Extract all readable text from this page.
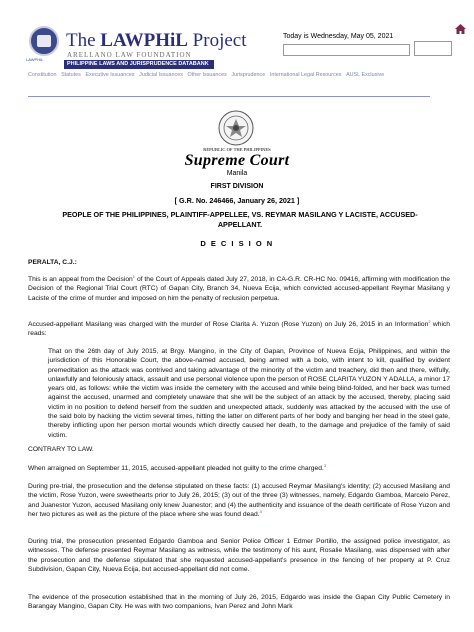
LAWPHiL
The LAWPHiL Project
ARELLANO LAW FOUNDATION
PHILIPPINE LAWS AND JURISPRUDENCE DATABANK
Today is Wednesday, May 05, 2021
Constitution Statutes Executive Issuances Judicial Issuances Other Issuances Jurisprudence International Legal Resources AUSL Exclusive
REPUBLIC OF THE PHILIPPINES
Supreme Court
Manila
FIRST DIVISION
[ G.R. No. 246466, January 26, 2021 ]
PEOPLE OF THE PHILIPPINES, PLAINTIFF-APPELLEE, VS. REYMAR MASILANG Y LACISTE, ACCUSED-APPELLANT.
D E C I S I O N
PERALTA, C.J.:
This is an appeal from the Decision$^1$ of the Court of Appeals dated July 27, 2018, in CA-G.R. CR-HC No. 09416, affirming with modification the Decision of the Regional Trial Court (RTC) of Gapan City, Branch 34, Nueva Ecija, which convicted accused-appellant Reymar Masilang y Laciste of the crime of murder and imposed on him the penalty of reclusion perpetua.
Accused-appellant Masilang was charged with the murder of Rose Clarita A. Yuzon (Rose Yuzon) on July 26, 2015 in an Information$^2$ which reads:
That on the 26th day of July 2015, at Brgy. Mangino, in the City of Gapan, Province of Nueva Ecija, Philippines, and within the jurisdiction of this Honorable Court, the above-named accused, being armed with a bolo, with intent to kill, qualified by evident premeditation as the attack was contrived and taking advantage of the minority of the victim and treachery, did then and there, wilfully, unlawfully and feloniously attack, assault and use personal violence upon the person of ROSE CLARITA YUZON Y ADALLA, a minor 17 years old, as follows: while the victim was inside the cemetery with the accused and while being blind-folded, and her back was turned against the accused, unarmed and completely unaware that she will be the subject of an attack by the accused, thereby, placing said victim in no position to defend herself from the sudden and unexpected attack, suddenly was attacked by the accused with the use of the said bolo by hacking the victim several times, hitting the latter on different parts of her body and banging her head in the steel gate, thereby inflicting upon her person mortal wounds which directly caused her death, to the damage and prejudice of the family of said victim.
CONTRARY TO LAW.
When arraigned on September 11, 2015, accused-appellant pleaded not guilty to the crime charged.$^3$
During pre-trial, the prosecution and the defense stipulated on these facts: (1) accused Reymar Masilang's identity; (2) accused Masilang and the victim, Rose Yuzon, were sweethearts prior to July 26, 2015; (3) out of the three (3) witnesses, namely, Edgardo Gamboa, Marcelo Perez, and Juanestor Yuzon, accused Masilang only knew Juanestor; and (4) the authenticity and issuance of the death certificate of Rose Yuzon and her two pictures as well as the picture of the place where she was found dead.$^4$
During trial, the prosecution presented Edgardo Gamboa and Senior Police Officer 1 Edmer Portillo, the assigned police investigator, as witnesses. The defense presented Reymar Masilang as witness, while the testimony of his aunt, Rosalie Masilang, was dispensed with after the prosecution and the defense stipulated that she requested accused-appellant's presence in the fencing of her property at P. Cruz Subdivision, Gapan City, Nueva Ecija, but accused-appellant did not come.
The evidence of the prosecution established that in the morning of July 26, 2015, Edgardo was inside the Gapan City Public Cemetery in Barangay Mangino, Gapan City. He was with two companions, Ivan Perez and John Mark
